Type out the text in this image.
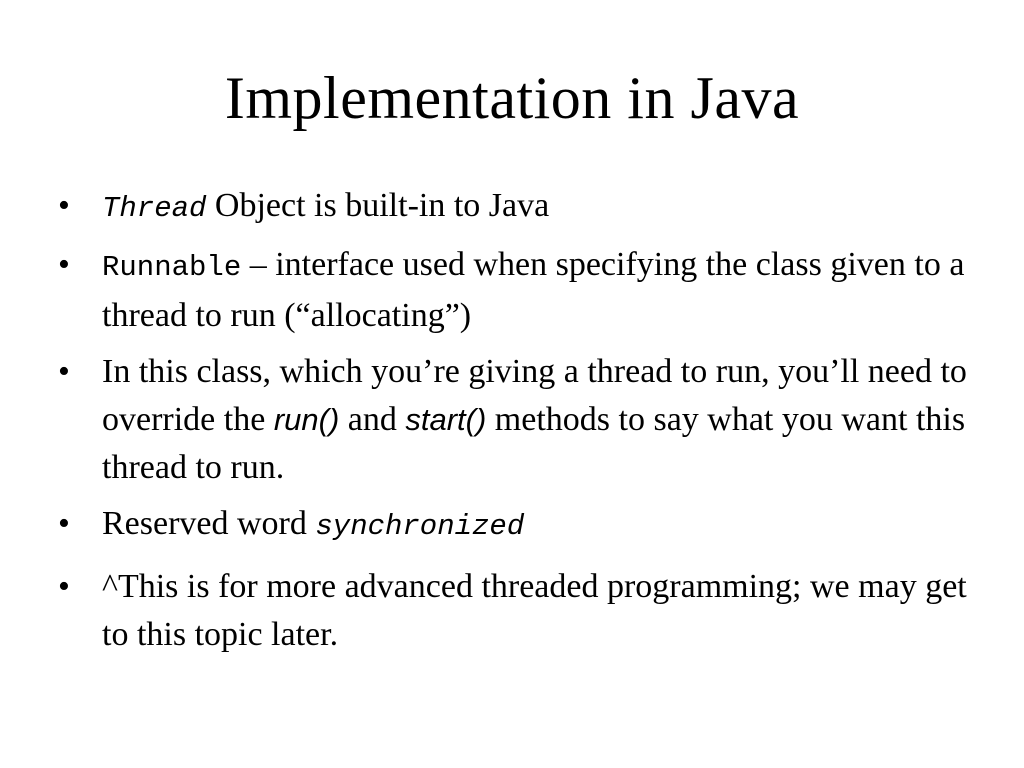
Implementation in Java
•	Thread Object is built-in to Java
•	Runnable – interface used when specifying the class given to a thread to run (“allocating”)
• In this class, which you’re giving a thread to run, you’ll need to override the run() and start() methods to say what you want this thread to run.
• Reserved word synchronized
• ^This is for more advanced threaded programming; we may get to this topic later.
